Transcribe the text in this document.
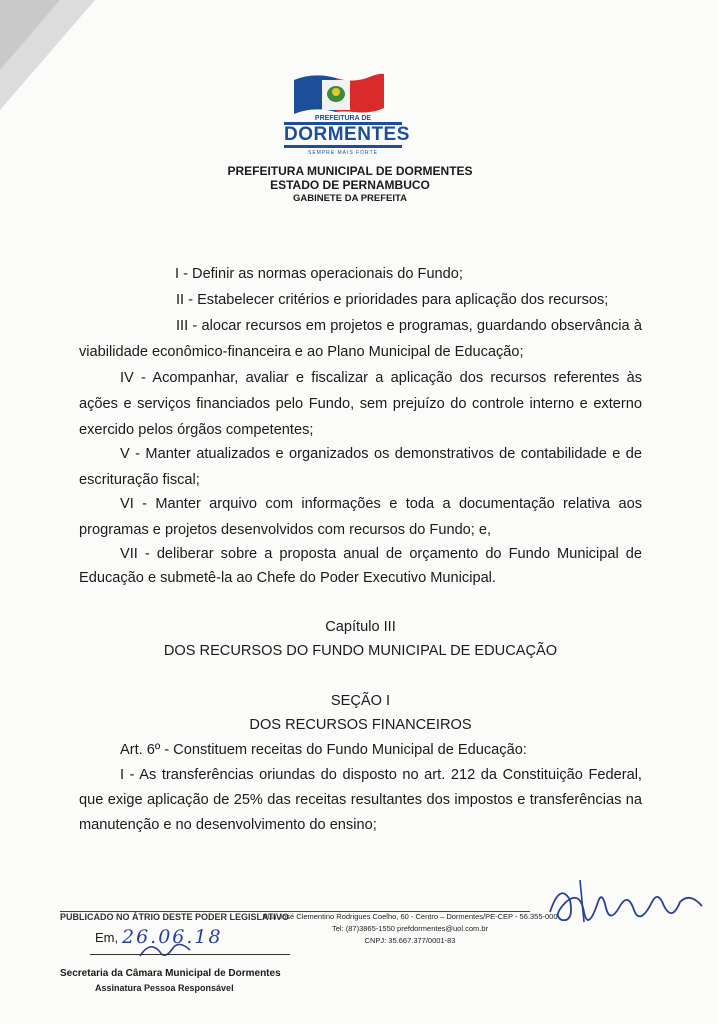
PREFEITURA DE
DORMENTES
SEMPRE MAIS FORTE
PREFEITURA MUNICIPAL DE DORMENTES
ESTADO DE PERNAMBUCO
GABINETE DA PREFEITA
I - Definir as normas operacionais do Fundo;
II - Estabelecer critérios e prioridades para aplicação dos recursos;
III - alocar recursos em projetos e programas, guardando observância à
viabilidade econômico-financeira e ao Plano Municipal de Educação;
IV - Acompanhar, avaliar e fiscalizar a aplicação dos recursos referentes às
ações e serviços financiados pelo Fundo, sem prejuízo do controle interno e externo
exercido pelos órgãos competentes;
V - Manter atualizados e organizados os demonstrativos de contabilidade e de
escrituração fiscal;
VI - Manter arquivo com informações e toda a documentação relativa aos
programas e projetos desenvolvidos com recursos do Fundo; e,
VII - deliberar sobre a proposta anual de orçamento do Fundo Municipal de
Educação e submetê-la ao Chefe do Poder Executivo Municipal.
Capítulo III
DOS RECURSOS DO FUNDO MUNICIPAL DE EDUCAÇÃO
SEÇÃO I
DOS RECURSOS FINANCEIROS
Art. 6º - Constituem receitas do Fundo Municipal de Educação:
I - As transferências oriundas do disposto no art. 212 da Constituição Federal,
que exige aplicação de 25% das receitas resultantes dos impostos e transferências na
manutenção e no desenvolvimento do ensino;
PUBLICADO NO ÁTRIO DESTE PODER LEGISLATIVO
Rua José Clementino Rodrigues Coelho, 60 - Centro – Dormentes/PE-CEP - 56.355-000
Tel: (87)3865-1550 prefdormentes@uol.com.br
CNPJ: 35.667.377/0001-83
Em, 26.06.18
Secretaria da Câmara Municipal de Dormentes
Assinatura Pessoa Responsável
